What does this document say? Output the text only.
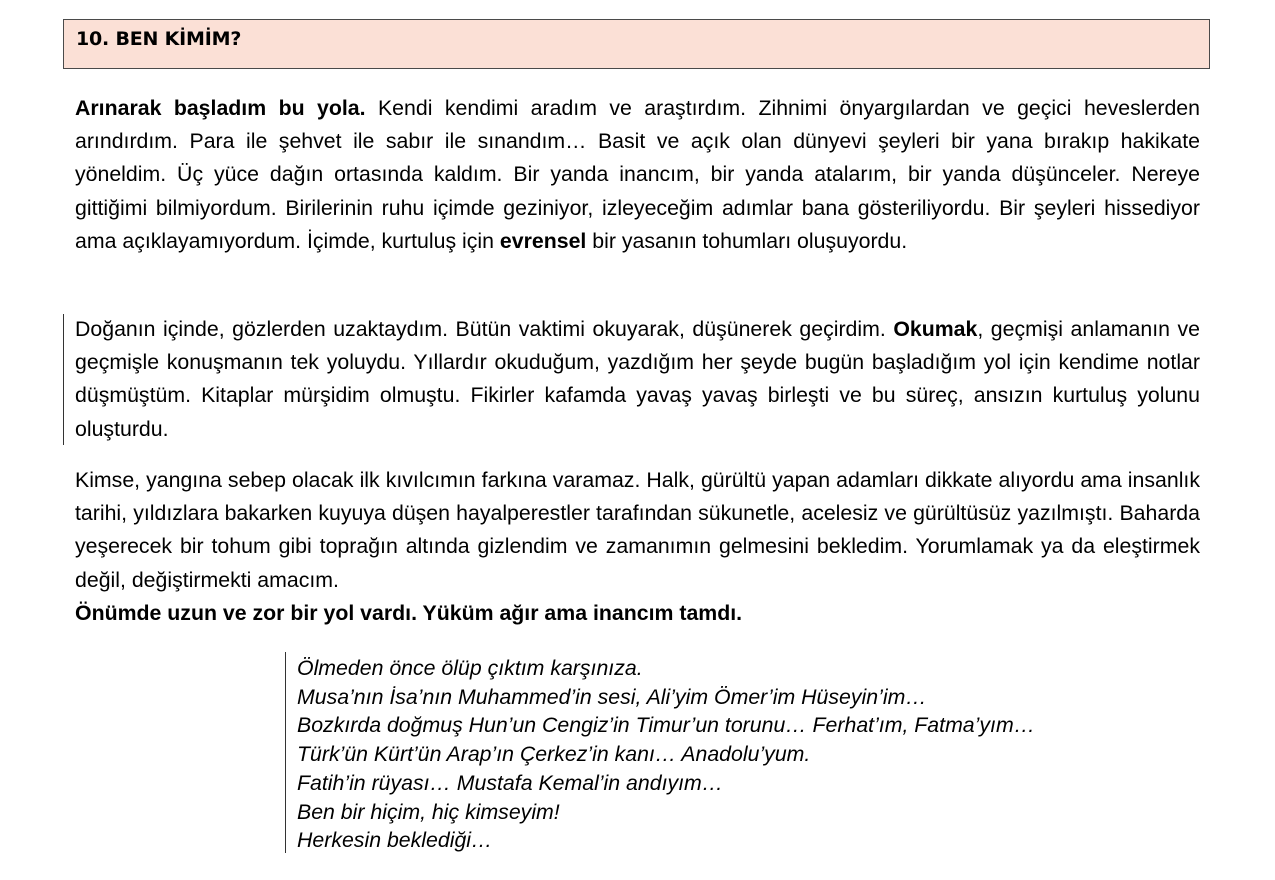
10. BEN KİMİM?

Arınarak başladım bu yola. Kendi kendimi aradım ve araştırdım. Zihnimi önyargılardan ve geçici heveslerden arındırdım. Para ile şehvet ile sabır ile sınandım… Basit ve açık olan dünyevi şeyleri bir yana bırakıp hakikate yöneldim. Üç yüce dağın ortasında kaldım. Bir yanda inancım, bir yanda atalarım, bir yanda düşünceler. Nereye gittiğimi bilmiyordum. Birilerinin ruhu içimde geziniyor, izleyeceğim adımlar bana gösteriliyordu. Bir şeyleri hissediyor ama açıklayamıyordum. İçimde, kurtuluş için evrensel bir yasanın tohumları oluşuyordu.

Doğanın içinde, gözlerden uzaktaydım. Bütün vaktimi okuyarak, düşünerek geçirdim. Okumak, geçmişi anlamanın ve geçmişle konuşmanın tek yoluydu. Yıllardır okuduğum, yazdığım her şeyde bugün başladığım yol için kendime notlar düşmüştüm. Kitaplar mürşidim olmuştu. Fikirler kafamda yavaş yavaş birleşti ve bu süreç, ansızın kurtuluş yolunu oluşturdu.

Kimse, yangına sebep olacak ilk kıvılcımın farkına varamaz. Halk, gürültü yapan adamları dikkate alıyordu ama insanlık tarihi, yıldızlara bakarken kuyuya düşen hayalperestler tarafından sükunetle, acelesiz ve gürültüsüz yazılmıştı. Baharda yeşerecek bir tohum gibi toprağın altında gizlendim ve zamanımın gelmesini bekledim. Yorumlamak ya da eleştirmek değil, değiştirmekti amacım.

Önümde uzun ve zor bir yol vardı. Yüküm ağır ama inancım tamdı.

Ölmeden önce ölüp çıktım karşınıza.
Musa’nın İsa’nın Muhammed’in sesi, Ali’yim Ömer’im Hüseyin’im…
Bozkırda doğmuş Hun’un Cengiz’in Timur’un torunu… Ferhat’ım, Fatma’yım…
Türk’ün Kürt’ün Arap’ın Çerkez’in kanı… Anadolu’yum.
Fatih’in rüyası… Mustafa Kemal’in andıyım…
Ben bir hiçim, hiç kimseyim!
Herkesin beklediği…
